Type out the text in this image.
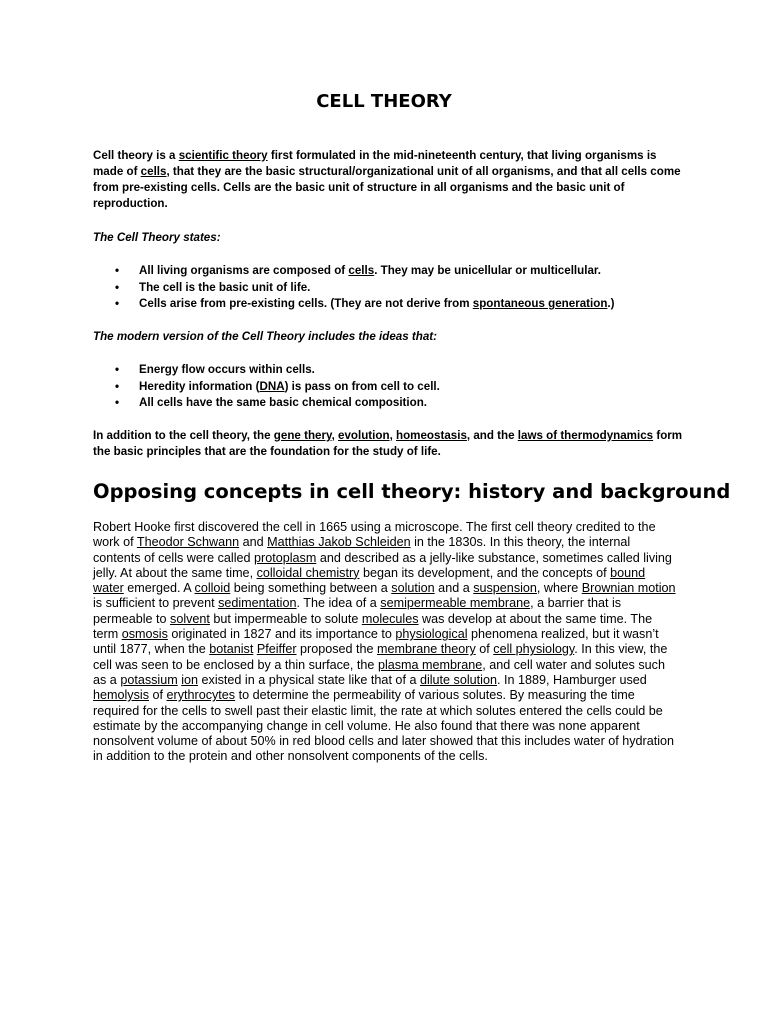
CELL THEORY

Cell theory is a scientific theory first formulated in the mid-nineteenth century, that living organisms is made of cells, that they are the basic structural/organizational unit of all organisms, and that all cells come from pre-existing cells. Cells are the basic unit of structure in all organisms and the basic unit of reproduction.

The Cell Theory states:

• All living organisms are composed of cells. They may be unicellular or multicellular.
• The cell is the basic unit of life.
• Cells arise from pre-existing cells. (They are not derive from spontaneous generation.)

The modern version of the Cell Theory includes the ideas that:

• Energy flow occurs within cells.
• Heredity information (DNA) is pass on from cell to cell.
• All cells have the same basic chemical composition.

In addition to the cell theory, the gene thery, evolution, homeostasis, and the laws of thermodynamics form the basic principles that are the foundation for the study of life.

Opposing concepts in cell theory: history and background

Robert Hooke first discovered the cell in 1665 using a microscope. The first cell theory credited to the work of Theodor Schwann and Matthias Jakob Schleiden in the 1830s. In this theory, the internal contents of cells were called protoplasm and described as a jelly-like substance, sometimes called living jelly. At about the same time, colloidal chemistry began its development, and the concepts of bound water emerged. A colloid being something between a solution and a suspension, where Brownian motion is sufficient to prevent sedimentation. The idea of a semipermeable membrane, a barrier that is permeable to solvent but impermeable to solute molecules was develop at about the same time. The term osmosis originated in 1827 and its importance to physiological phenomena realized, but it wasn’t until 1877, when the botanist Pfeiffer proposed the membrane theory of cell physiology. In this view, the cell was seen to be enclosed by a thin surface, the plasma membrane, and cell water and solutes such as a potassium ion existed in a physical state like that of a dilute solution. In 1889, Hamburger used hemolysis of erythrocytes to determine the permeability of various solutes. By measuring the time required for the cells to swell past their elastic limit, the rate at which solutes entered the cells could be estimate by the accompanying change in cell volume. He also found that there was none apparent nonsolvent volume of about 50% in red blood cells and later showed that this includes water of hydration in addition to the protein and other nonsolvent components of the cells.
